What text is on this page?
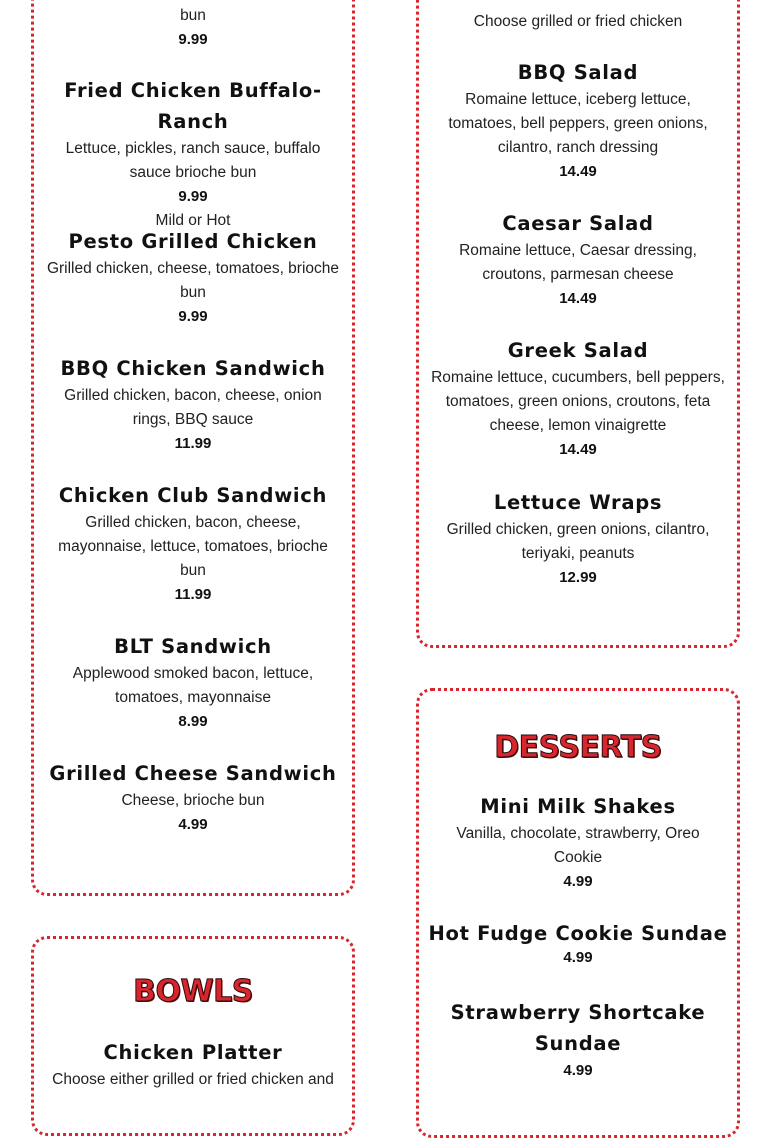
bun
9.99
Fried Chicken Buffalo-Ranch
Lettuce, pickles, ranch sauce, buffalo sauce brioche bun
9.99
Mild or Hot
Pesto Grilled Chicken
Grilled chicken, cheese, tomatoes, brioche bun
9.99
BBQ Chicken Sandwich
Grilled chicken, bacon, cheese, onion rings, BBQ sauce
11.99
Chicken Club Sandwich
Grilled chicken, bacon, cheese, mayonnaise, lettuce, tomatoes, brioche bun
11.99
BLT Sandwich
Applewood smoked bacon, lettuce, tomatoes, mayonnaise
8.99
Grilled Cheese Sandwich
Cheese, brioche bun
4.99
BOWLS
Chicken Platter
Choose either grilled or fried chicken and
Choose grilled or fried chicken
BBQ Salad
Romaine lettuce, iceberg lettuce, tomatoes, bell peppers, green onions, cilantro, ranch dressing
14.49
Caesar Salad
Romaine lettuce, Caesar dressing, croutons, parmesan cheese
14.49
Greek Salad
Romaine lettuce, cucumbers, bell peppers, tomatoes, green onions, croutons, feta cheese, lemon vinaigrette
14.49
Lettuce Wraps
Grilled chicken, green onions, cilantro, teriyaki, peanuts
12.99
DESSERTS
Mini Milk Shakes
Vanilla, chocolate, strawberry, Oreo Cookie
4.99
Hot Fudge Cookie Sundae
4.99
Strawberry Shortcake Sundae
4.99
